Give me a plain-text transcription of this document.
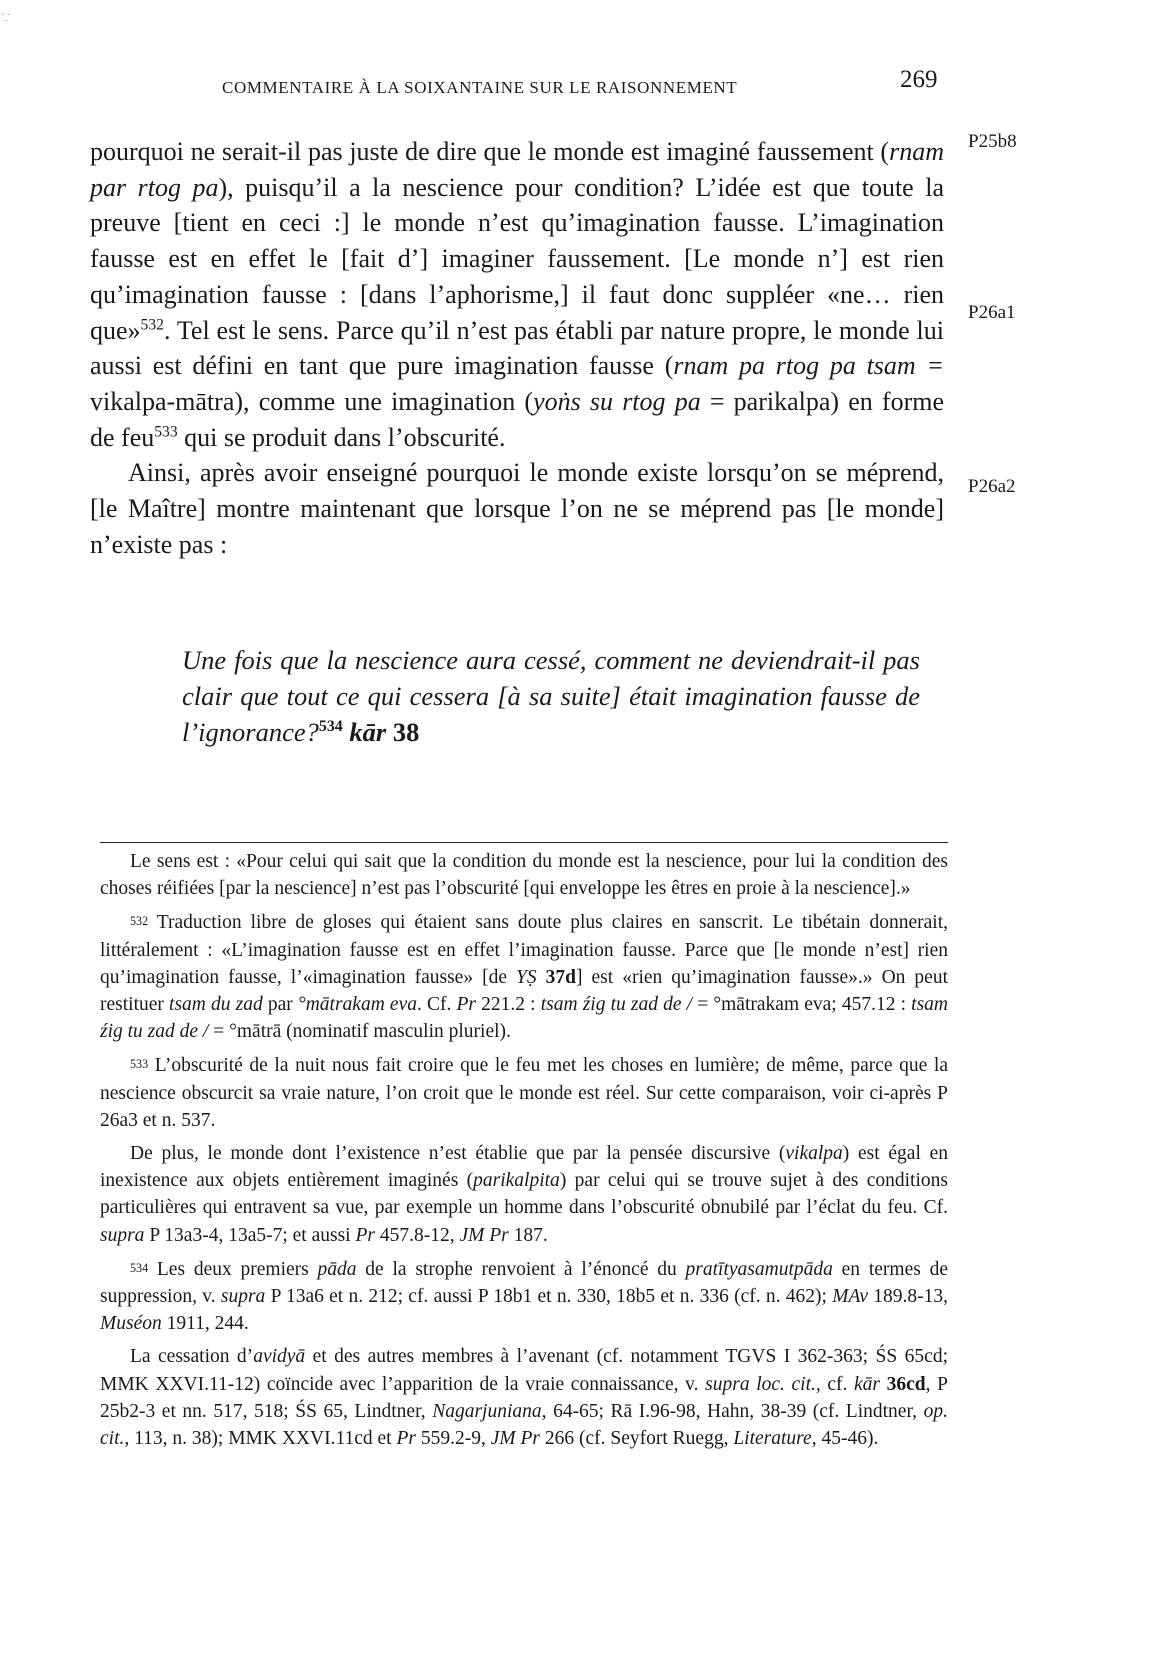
⸪
COMMENTAIRE À LA SOIXANTAINE SUR LE RAISONNEMENT	269
P25b8
P26a1
P26a2

pourquoi ne serait-il pas juste de dire que le monde est imaginé faussement (rnam par rtog pa), puisqu’il a la nescience pour condition? L’idée est que toute la preuve [tient en ceci :] le monde n’est qu’imagination fausse. L’imagination fausse est en effet le [fait d’] imaginer faussement. [Le monde n’] est rien qu’imagination fausse : [dans l’aphorisme,] il faut donc suppléer «ne… rien que»$^{532}$. Tel est le sens. Parce qu’il n’est pas établi par nature propre, le monde lui aussi est défini en tant que pure imagination fausse (rnam pa rtog pa tsam = vikalpa-mātra), comme une imagination (yoṅs su rtog pa = parikalpa) en forme de feu$^{533}$ qui se produit dans l’obscurité.

Ainsi, après avoir enseigné pourquoi le monde existe lorsqu’on se méprend, [le Maître] montre maintenant que lorsque l’on ne se méprend pas [le monde] n’existe pas :

Une fois que la nescience aura cessé, comment ne deviendrait-il pas clair que tout ce qui cessera [à sa suite] était imagination fausse de l’ignorance?$^{534}$ kār 38

Le sens est : «Pour celui qui sait que la condition du monde est la nescience, pour lui la condition des choses réifiées [par la nescience] n’est pas l’obscurité [qui enveloppe les êtres en proie à la nescience].»

532 Traduction libre de gloses qui étaient sans doute plus claires en sanscrit. Le tibétain donnerait, littéralement : «L’imagination fausse est en effet l’imagination fausse. Parce que [le monde n’est] rien qu’imagination fausse, l’«imagination fausse» [de YṢ 37d] est «rien qu’imagination fausse».» On peut restituer tsam du zad par °mātrakam eva. Cf. Pr 221.2 : tsam źig tu zad de / = °mātrakam eva; 457.12 : tsam źig tu zad de / = °mātrā (nominatif masculin pluriel).

533 L’obscurité de la nuit nous fait croire que le feu met les choses en lumière; de même, parce que la nescience obscurcit sa vraie nature, l’on croit que le monde est réel. Sur cette comparaison, voir ci-après P 26a3 et n. 537.

De plus, le monde dont l’existence n’est établie que par la pensée discursive (vikalpa) est égal en inexistence aux objets entièrement imaginés (parikalpita) par celui qui se trouve sujet à des conditions particulières qui entravent sa vue, par exemple un homme dans l’obscurité obnubilé par l’éclat du feu. Cf. supra P 13a3-4, 13a5-7; et aussi Pr 457.8-12, JM Pr 187.

534 Les deux premiers pāda de la strophe renvoient à l’énoncé du pratītyasamutpāda en termes de suppression, v. supra P 13a6 et n. 212; cf. aussi P 18b1 et n. 330, 18b5 et n. 336 (cf. n. 462); MAv 189.8-13, Muséon 1911, 244.

La cessation d’avidyā et des autres membres à l’avenant (cf. notamment TGVS I 362-363; ŚS 65cd; MMK XXVI.11-12) coïncide avec l’apparition de la vraie connaissance, v. supra loc. cit., cf. kār 36cd, P 25b2-3 et nn. 517, 518; ŚS 65, Lindtner, Nagarjuniana, 64-65; Rā I.96-98, Hahn, 38-39 (cf. Lindtner, op. cit., 113, n. 38); MMK XXVI.11cd et Pr 559.2-9, JM Pr 266 (cf. Seyfort Ruegg, Literature, 45-46).
